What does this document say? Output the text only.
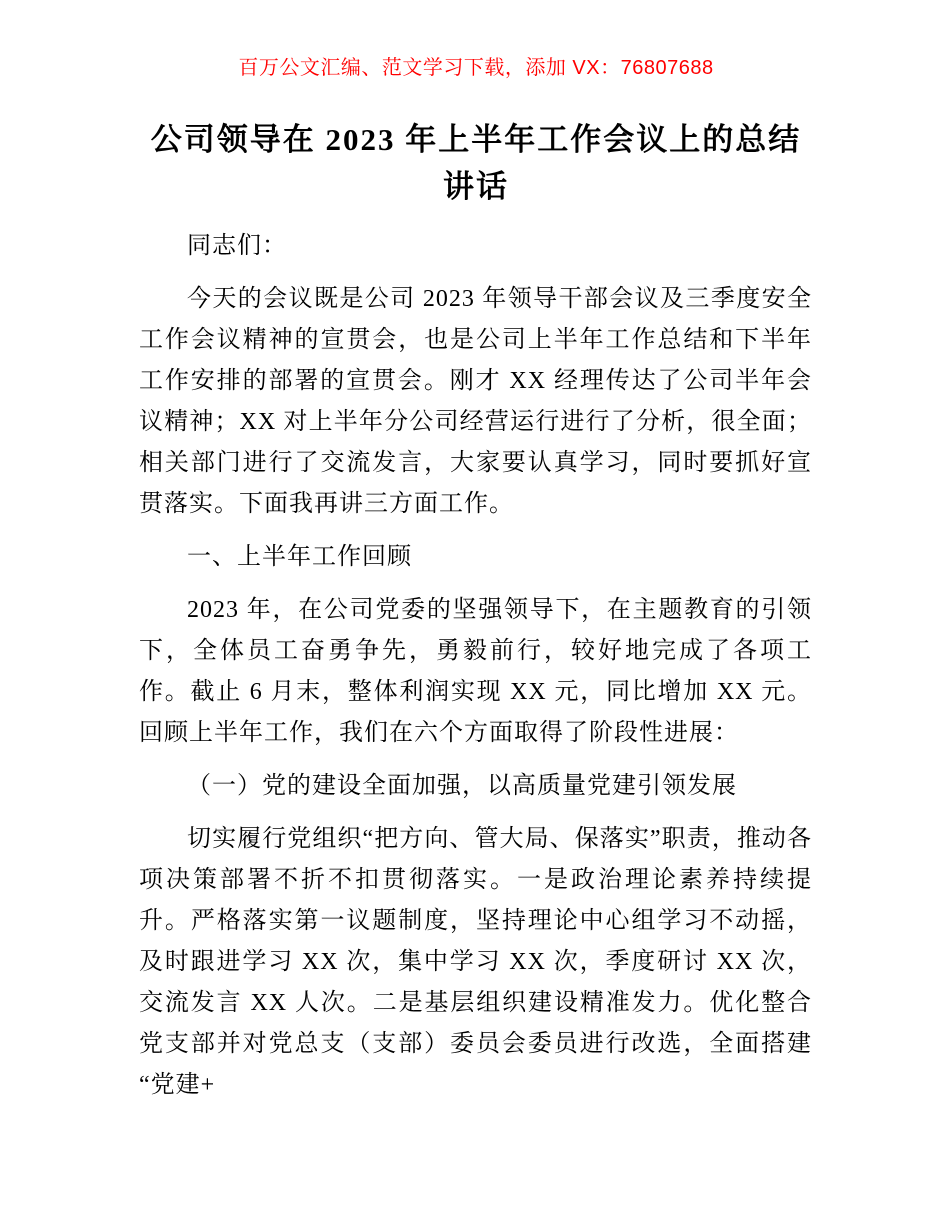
百万公文汇编、范文学习下载，添加 VX：76807688
公司领导在 2023 年上半年工作会议上的总结讲话

同志们：

今天的会议既是公司 2023 年领导干部会议及三季度安全工作会议精神的宣贯会，也是公司上半年工作总结和下半年工作安排的部署的宣贯会。刚才 XX 经理传达了公司半年会议精神；XX 对上半年分公司经营运行进行了分析，很全面；相关部门进行了交流发言，大家要认真学习，同时要抓好宣贯落实。下面我再讲三方面工作。

一、上半年工作回顾

2023 年，在公司党委的坚强领导下，在主题教育的引领下，全体员工奋勇争先，勇毅前行，较好地完成了各项工作。截止 6 月末，整体利润实现 XX 元，同比增加 XX 元。回顾上半年工作，我们在六个方面取得了阶段性进展：

（一）党的建设全面加强，以高质量党建引领发展

切实履行党组织“把方向、管大局、保落实”职责，推动各项决策部署不折不扣贯彻落实。一是政治理论素养持续提升。严格落实第一议题制度，坚持理论中心组学习不动摇，及时跟进学习 XX 次，集中学习 XX 次，季度研讨 XX 次，交流发言 XX 人次。二是基层组织建设精准发力。优化整合党支部并对党总支（支部）委员会委员进行改选，全面搭建“党建+
